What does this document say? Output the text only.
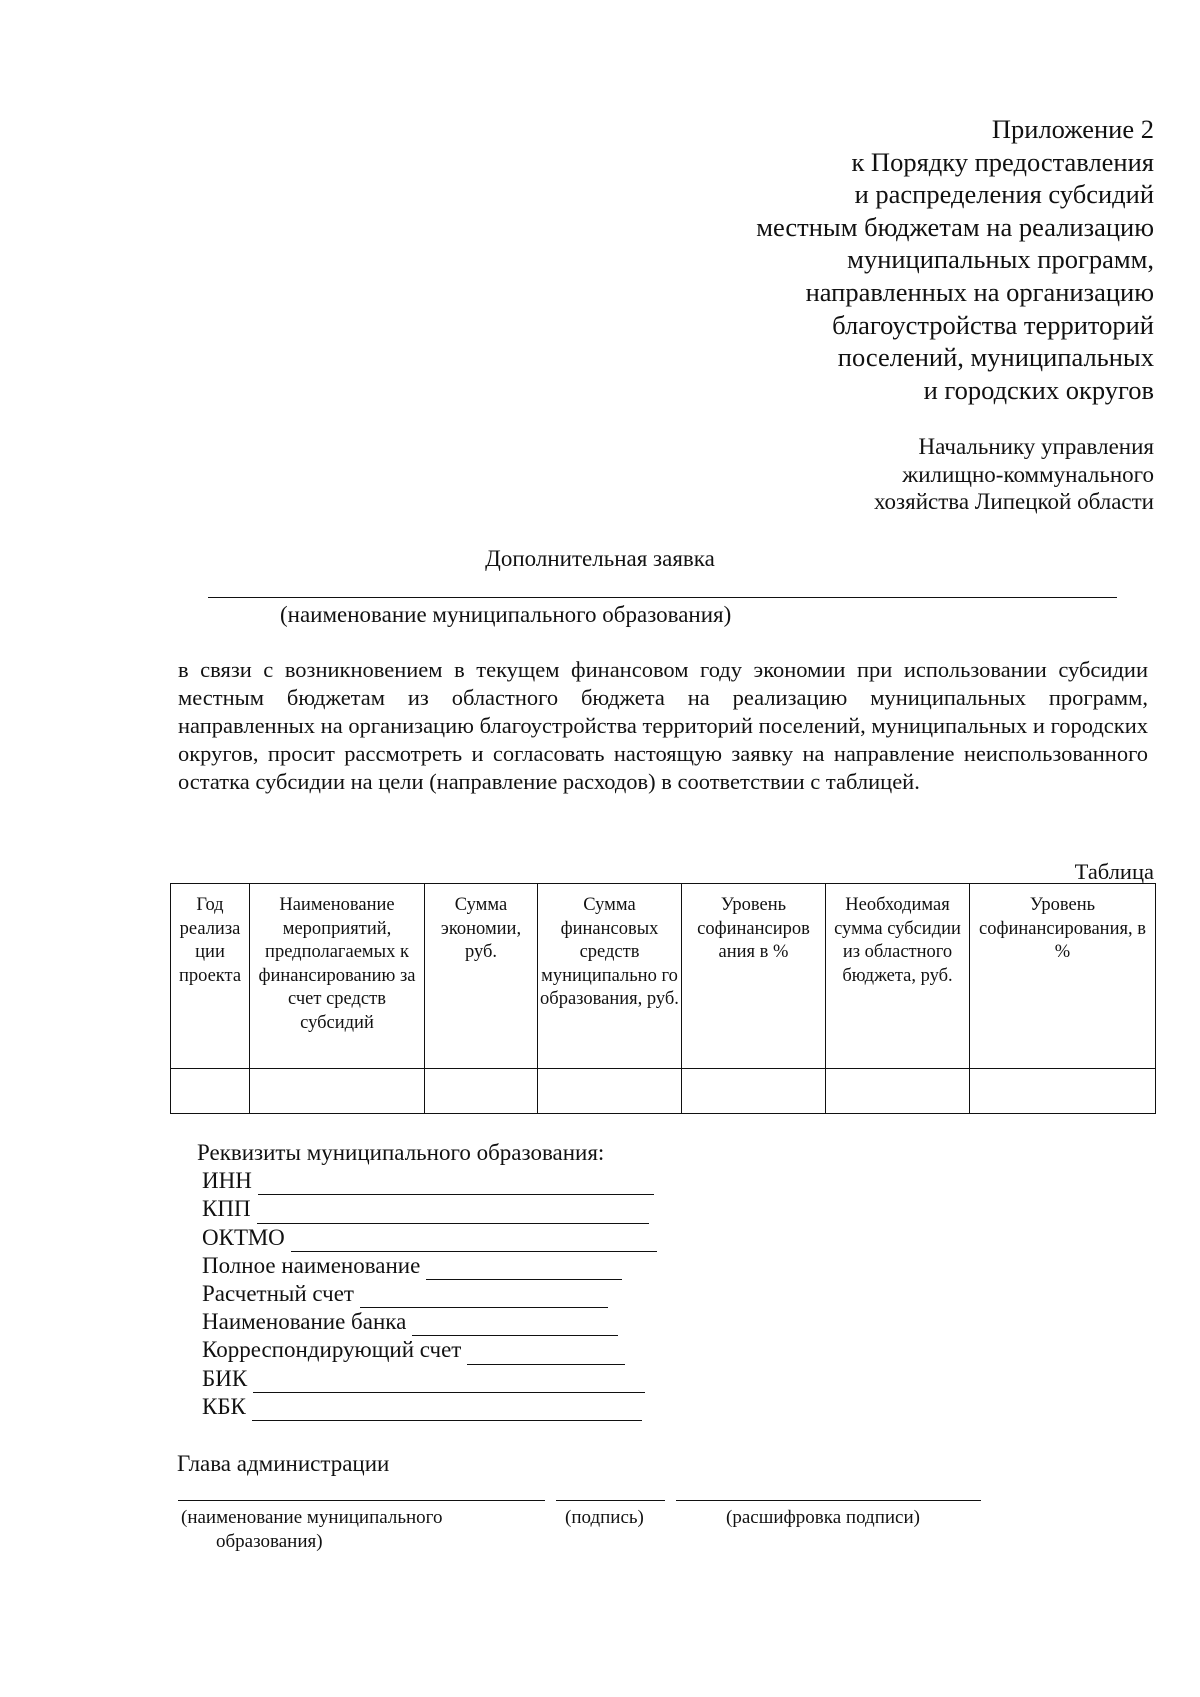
Приложение 2
к Порядку предоставления
и распределения субсидий
местным бюджетам на реализацию
муниципальных программ,
направленных на организацию
благоустройства территорий
поселений, муниципальных
и городских округов
Начальнику управления
жилищно-коммунального
хозяйства Липецкой области
Дополнительная заявка
(наименование муниципального образования)
в связи с возникновением в текущем финансовом году экономии при использовании субсидии местным бюджетам из областного бюджета на реализацию муниципальных программ, направленных на организацию благоустройства территорий поселений, муниципальных и городских округов, просит рассмотреть и согласовать настоящую заявку на направление неиспользованного остатка субсидии на цели (направление расходов) в соответствии с таблицей.
Таблица
Год реализа ции проекта	Наименование мероприятий, предполагаемых к финансированию за счет средств субсидий	Сумма экономии, руб.	Сумма финансовых средств муниципально го образования, руб.	Уровень софинансиров ания в %	Необходимая сумма субсидии из областного бюджета, руб.	Уровень софинансирования, в %

Реквизиты муниципального образования:
ИНН
КПП
ОКТМО
Полное наименование
Расчетный счет
Наименование банка
Корреспондирующий счет
БИК
КБК
Глава администрации
(наименование муниципального
образования)
(подпись)	(расшифровка подписи)
